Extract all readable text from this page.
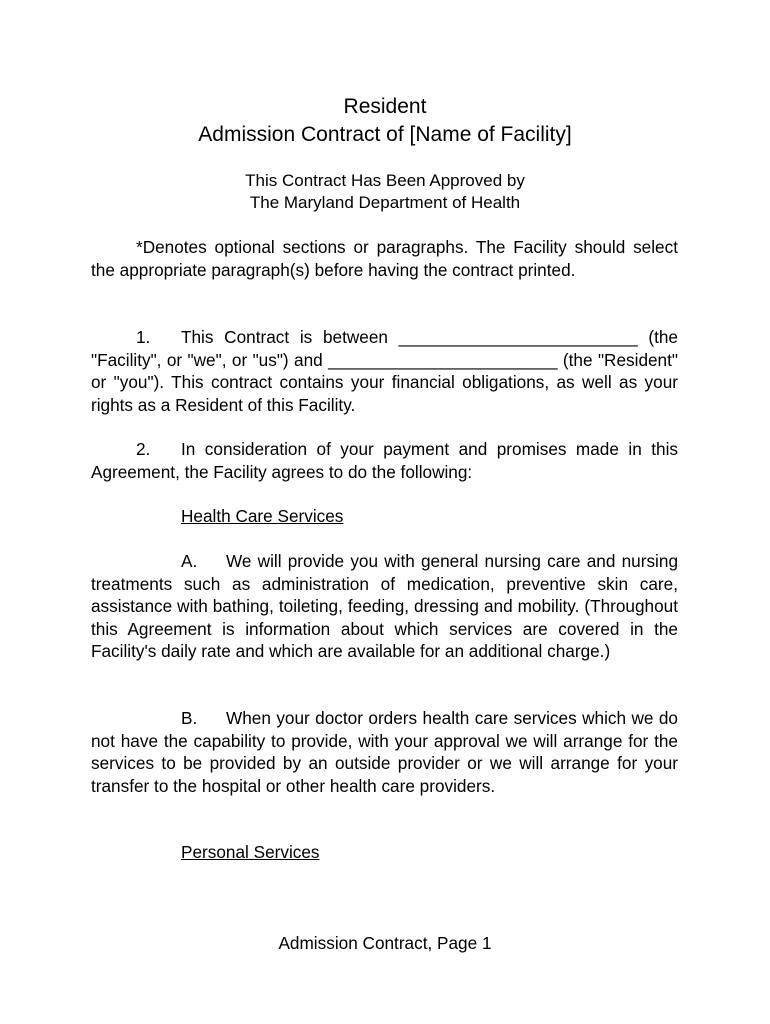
Resident
Admission Contract of [Name of Facility]
This Contract Has Been Approved by
The Maryland Department of Health

*Denotes optional sections or paragraphs. The Facility should select the appropriate paragraph(s) before having the contract printed.

1. This Contract is between _________________________ (the "Facility", or "we", or "us") and ________________________ (the "Resident" or "you"). This contract contains your financial obligations, as well as your rights as a Resident of this Facility.

2. In consideration of your payment and promises made in this Agreement, the Facility agrees to do the following:

Health Care Services

A. We will provide you with general nursing care and nursing treatments such as administration of medication, preventive skin care, assistance with bathing, toileting, feeding, dressing and mobility. (Throughout this Agreement is information about which services are covered in the Facility's daily rate and which are available for an additional charge.)

B. When your doctor orders health care services which we do not have the capability to provide, with your approval we will arrange for the services to be provided by an outside provider or we will arrange for your transfer to the hospital or other health care providers.

Personal Services
Admission Contract, Page 1
